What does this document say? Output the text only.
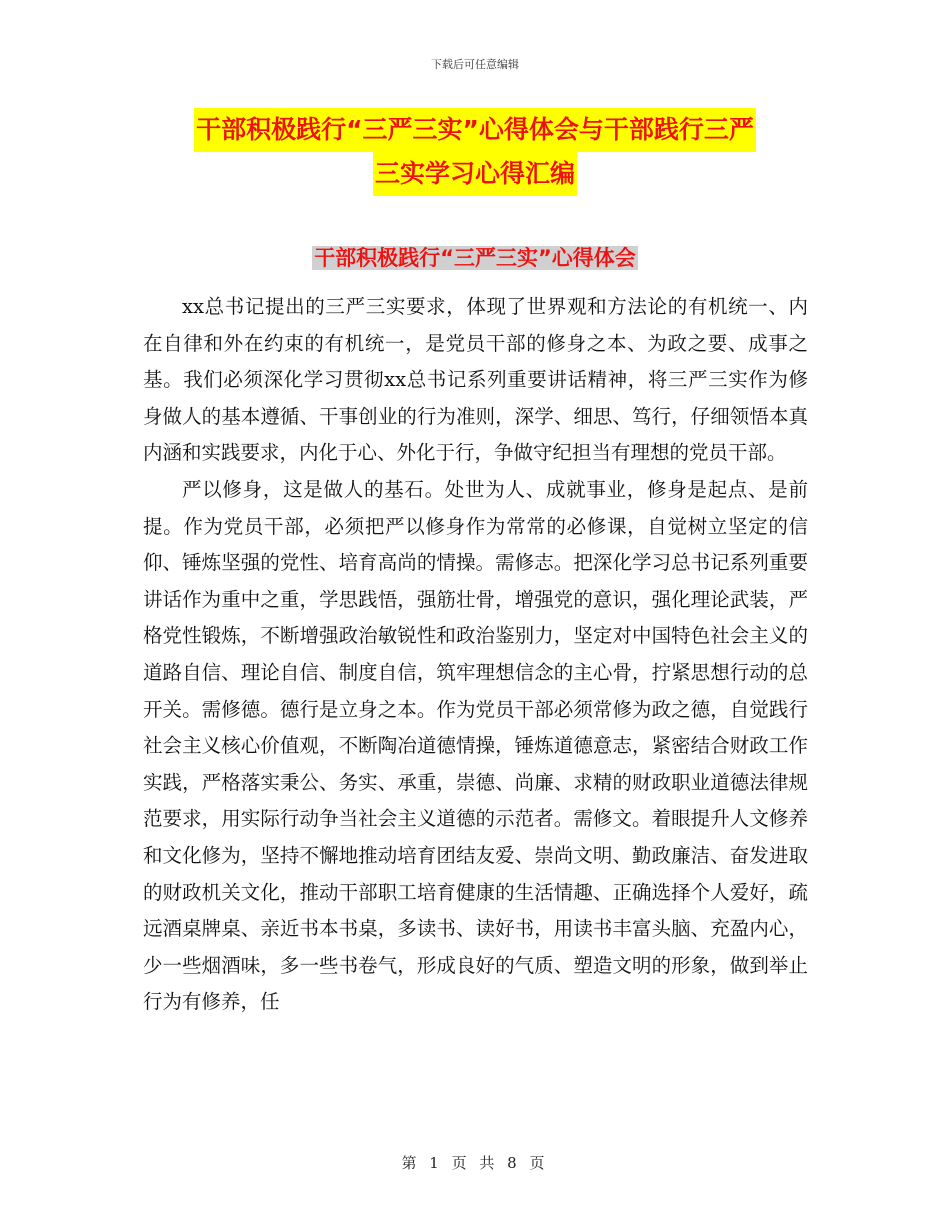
下载后可任意编辑
干部积极践行“三严三实”心得体会与干部践行三严
三实学习心得汇编
干部积极践行“三严三实”心得体会

xx总书记提出的三严三实要求，体现了世界观和方法论的有机统一、内在自律和外在约束的有机统一，是党员干部的修身之本、为政之要、成事之基。我们必须深化学习贯彻xx总书记系列重要讲话精神，将三严三实作为修身做人的基本遵循、干事创业的行为准则，深学、细思、笃行，仔细领悟本真内涵和实践要求，内化于心、外化于行，争做守纪担当有理想的党员干部。

严以修身，这是做人的基石。处世为人、成就事业，修身是起点、是前提。作为党员干部，必须把严以修身作为常常的必修课，自觉树立坚定的信仰、锤炼坚强的党性、培育高尚的情操。需修志。把深化学习总书记系列重要讲话作为重中之重，学思践悟，强筋壮骨，增强党的意识，强化理论武装，严格党性锻炼，不断增强政治敏锐性和政治鉴别力，坚定对中国特色社会主义的道路自信、理论自信、制度自信，筑牢理想信念的主心骨，拧紧思想行动的总开关。需修德。德行是立身之本。作为党员干部必须常修为政之德，自觉践行社会主义核心价值观，不断陶冶道德情操，锤炼道德意志，紧密结合财政工作实践，严格落实秉公、务实、承重，崇德、尚廉、求精的财政职业道德法律规范要求，用实际行动争当社会主义道德的示范者。需修文。着眼提升人文修养和文化修为，坚持不懈地推动培育团结友爱、崇尚文明、勤政廉洁、奋发进取的财政机关文化，推动干部职工培育健康的生活情趣、正确选择个人爱好，疏远酒桌牌桌、亲近书本书桌，多读书、读好书，用读书丰富头脑、充盈内心，少一些烟酒味，多一些书卷气，形成良好的气质、塑造文明的形象，做到举止行为有修养，任

第 1 页 共 8 页
